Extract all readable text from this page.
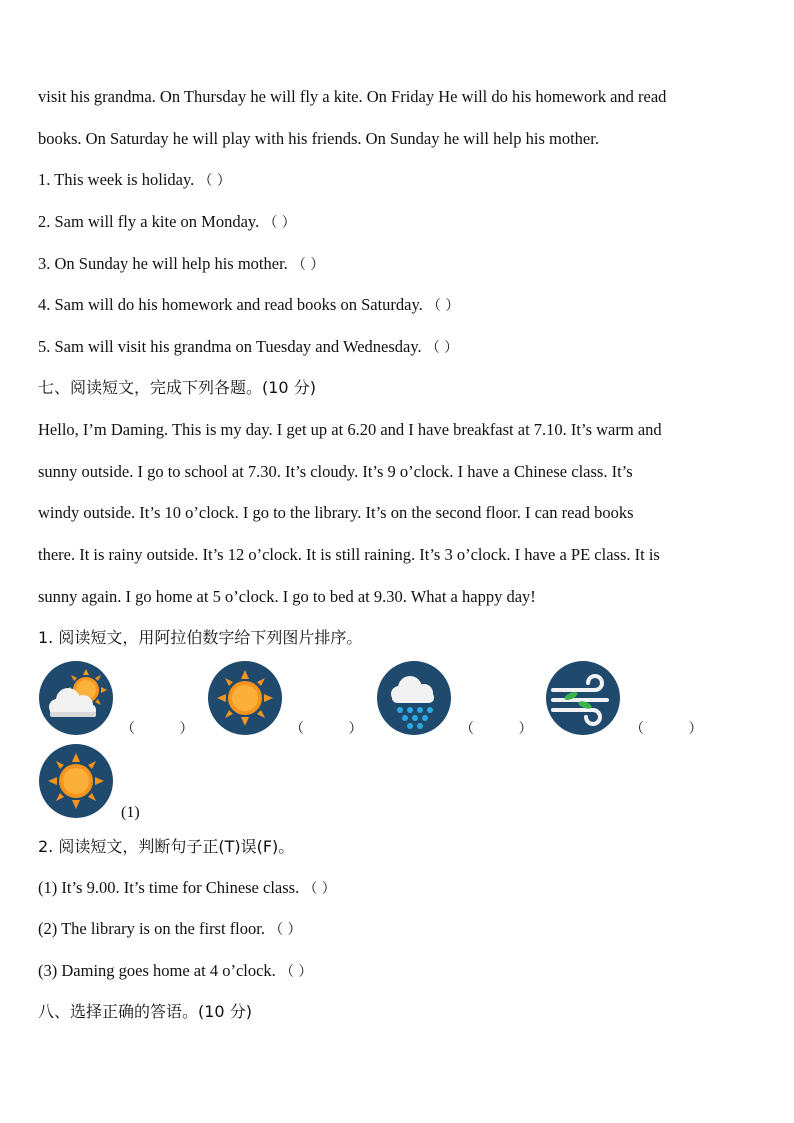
visit his grandma. On Thursday he will fly a kite. On Friday He will do his homework and read
books. On Saturday he will play with his friends. On Sunday he will help his mother.
1. This week is holiday. （ ）
2. Sam will fly a kite on Monday. （ ）
3. On Sunday he will help his mother. （ ）
4. Sam will do his homework and read books on Saturday. （ ）
5. Sam will visit his grandma on Tuesday and Wednesday. （ ）
七、阅读短文，完成下列各题。(10 分)
Hello, I’m Daming. This is my day. I get up at 6.20 and I have breakfast at 7.10. It’s warm and
sunny outside. I go to school at 7.30. It’s cloudy. It’s 9 o’clock. I have a Chinese class. It’s
windy outside. It’s 10 o’clock. I go to the library. It’s on the second floor. I can read books
there. It is rainy outside. It’s 12 o’clock. It is still raining. It’s 3 o’clock. I have a PE class. It is
sunny again. I go home at 5 o’clock. I go to bed at 9.30. What a happy day!
1. 阅读短文，用阿拉伯数字给下列图片排序。
（          ）	（          ）	（          ）	（          ）
(1)
2. 阅读短文，判断句子正(T)误(F)。
(1) It’s 9.00. It’s time for Chinese class. （ ）
(2) The library is on the first floor. （ ）
(3) Daming goes home at 4 o’clock. （ ）
八、选择正确的答语。(10 分)
